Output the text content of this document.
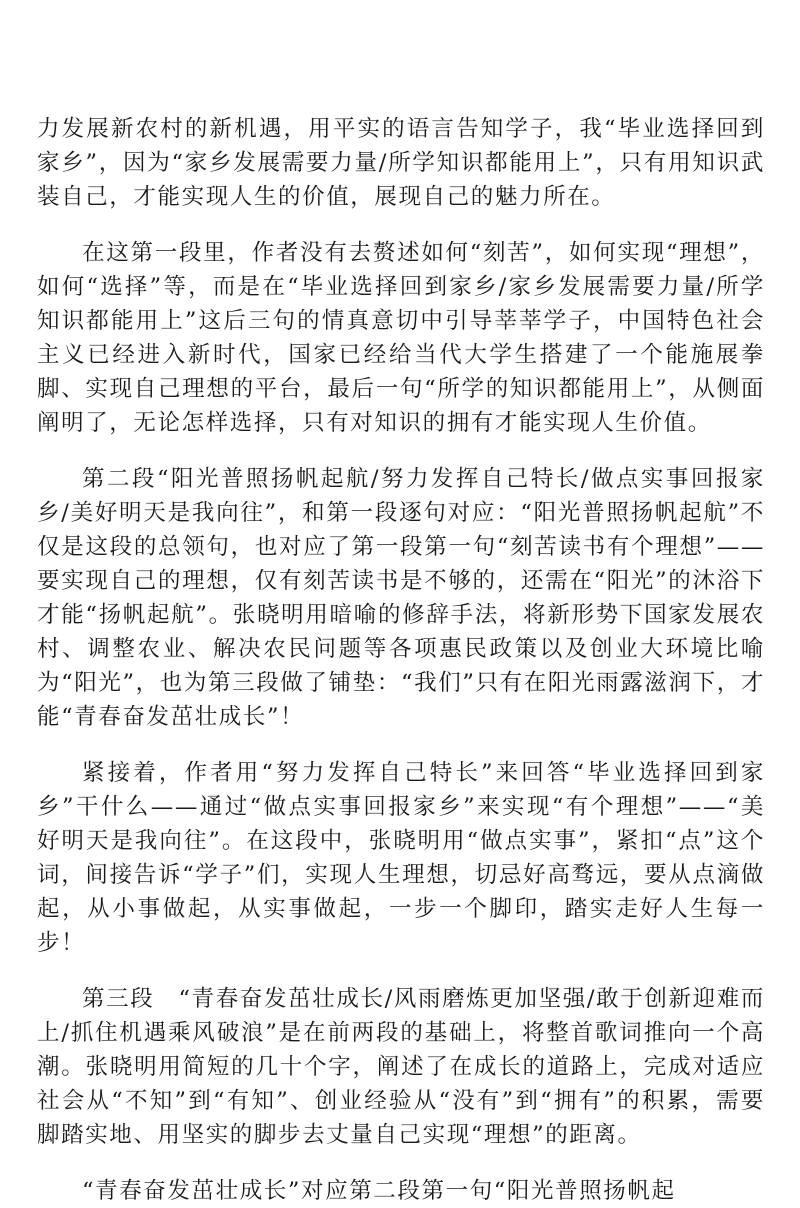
力发展新农村的新机遇，用平实的语言告知学子，我“毕业选择回到家乡”，因为“家乡发展需要力量/所学知识都能用上”，只有用知识武装自己，才能实现人生的价值，展现自己的魅力所在。

在这第一段里，作者没有去赘述如何“刻苦”，如何实现“理想”，如何“选择”等，而是在“毕业选择回到家乡/家乡发展需要力量/所学知识都能用上”这后三句的情真意切中引导莘莘学子，中国特色社会主义已经进入新时代，国家已经给当代大学生搭建了一个能施展拳脚、实现自己理想的平台，最后一句“所学的知识都能用上”，从侧面阐明了，无论怎样选择，只有对知识的拥有才能实现人生价值。

第二段“阳光普照扬帆起航/努力发挥自己特长/做点实事回报家乡/美好明天是我向往”，和第一段逐句对应：“阳光普照扬帆起航”不仅是这段的总领句，也对应了第一段第一句“刻苦读书有个理想”——要实现自己的理想，仅有刻苦读书是不够的，还需在“阳光”的沐浴下才能“扬帆起航”。张晓明用暗喻的修辞手法，将新形势下国家发展农村、调整农业、解决农民问题等各项惠民政策以及创业大环境比喻为“阳光”，也为第三段做了铺垫：“我们”只有在阳光雨露滋润下，才能“青春奋发茁壮成长”！

紧接着，作者用“努力发挥自己特长”来回答“毕业选择回到家乡”干什么——通过“做点实事回报家乡”来实现“有个理想”——“美好明天是我向往”。在这段中，张晓明用“做点实事”，紧扣“点”这个词，间接告诉“学子”们，实现人生理想，切忌好高骛远，要从点滴做起，从小事做起，从实事做起，一步一个脚印，踏实走好人生每一步！

第三段　“青春奋发茁壮成长/风雨磨炼更加坚强/敢于创新迎难而上/抓住机遇乘风破浪”是在前两段的基础上，将整首歌词推向一个高潮。张晓明用简短的几十个字，阐述了在成长的道路上，完成对适应社会从“不知”到“有知”、创业经验从“没有”到“拥有”的积累，需要脚踏实地、用坚实的脚步去丈量自己实现“理想”的距离。

“青春奋发茁壮成长”对应第二段第一句“阳光普照扬帆起
